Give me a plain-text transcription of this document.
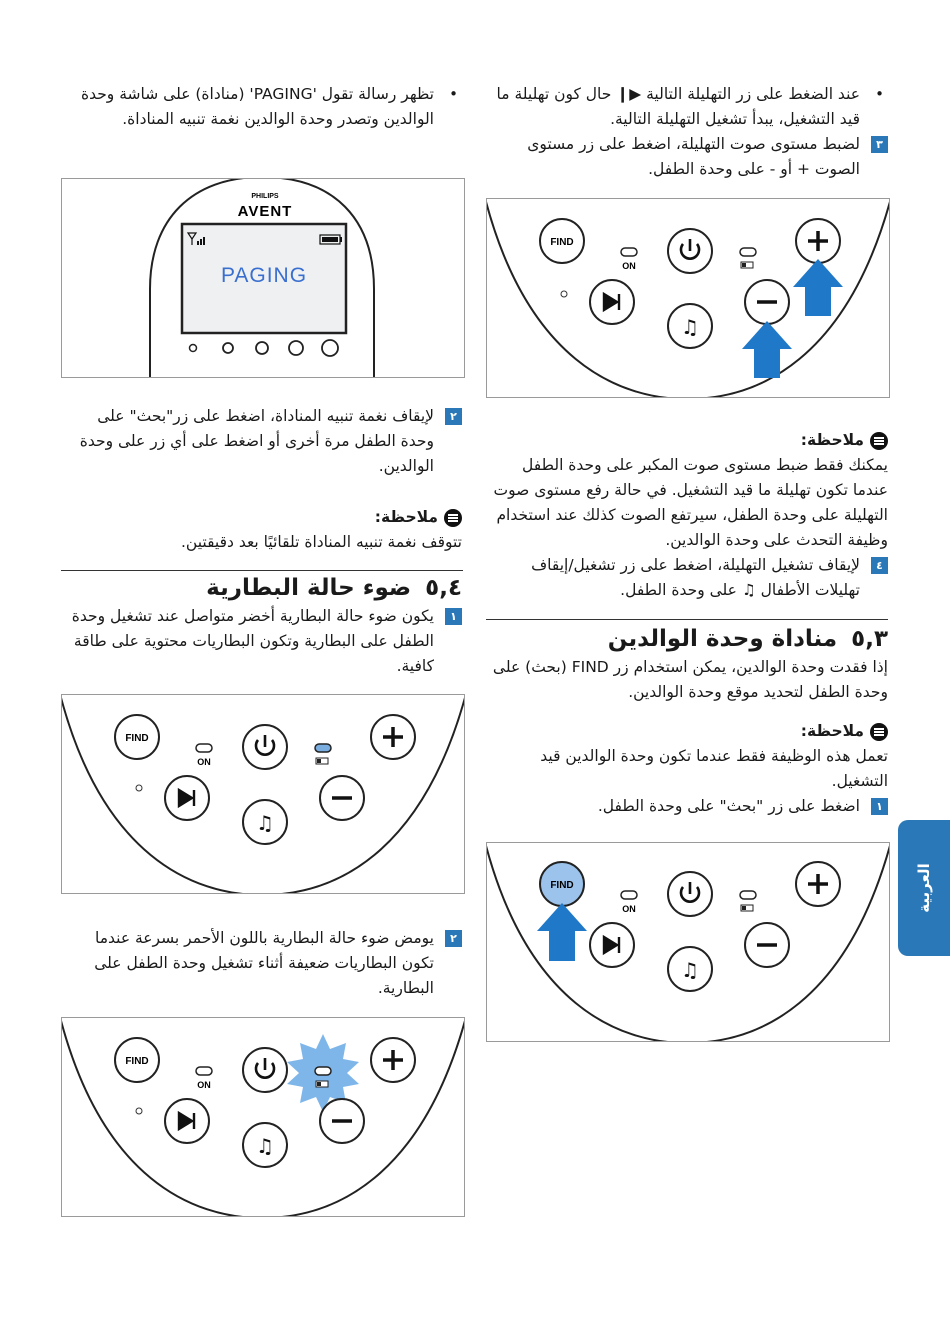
•
عند الضغط على زر التهليلة التالية ▶❙ حال كون تهليلة ما قيد التشغيل، يبدأ تشغيل التهليلة التالية.

٣
لضبط مستوى صوت التهليلة، اضغط على زر مستوى الصوت + أو - على وحدة الطفل.

FIND
ON
♫

ملاحظة:

يمكنك فقط ضبط مستوى صوت المكبر على وحدة الطفل عندما تكون تهليلة ما قيد التشغيل. في حالة رفع مستوى صوت التهليلة على وحدة الطفل، سيرتفع الصوت كذلك عند استخدام وظيفة التحدث على وحدة الوالدين.

٤
لإيقاف تشغيل التهليلة، اضغط على زر تشغيل/إيقاف تهليلات الأطفال ♫ على وحدة الطفل.

٥,٣
مناداة وحدة الوالدين

إذا فقدت وحدة الوالدين، يمكن استخدام زر FIND (بحث) على وحدة الطفل لتحديد موقع وحدة الوالدين.

ملاحظة:

تعمل هذه الوظيفة فقط عندما تكون وحدة الوالدين قيد التشغيل.

١
اضغط على زر "بحث" على وحدة الطفل.

FIND
ON
♫

•
تظهر رسالة تقول 'PAGING' (مناداة) على شاشة وحدة الوالدين وتصدر وحدة الوالدين نغمة تنبيه المناداة.

PHILIPS
AVENT
PAGING

٢
لإيقاف نغمة تنبيه المناداة، اضغط على زر"بحث" على وحدة الطفل مرة أخرى أو اضغط على أي زر على وحدة الوالدين.

ملاحظة:

تتوقف نغمة تنبيه المناداة تلقائيًا بعد دقيقتين.

٥,٤
ضوء حالة البطارية

١
يكون ضوء حالة البطارية أخضر متواصل عند تشغيل وحدة الطفل على البطارية وتكون البطاريات محتوية على طاقة كافية.

FIND
ON
♫

٢
يومض ضوء حالة البطارية باللون الأحمر بسرعة عندما تكون البطاريات ضعيفة أثناء تشغيل وحدة الطفل على البطارية.

FIND
ON
♫
العربية
